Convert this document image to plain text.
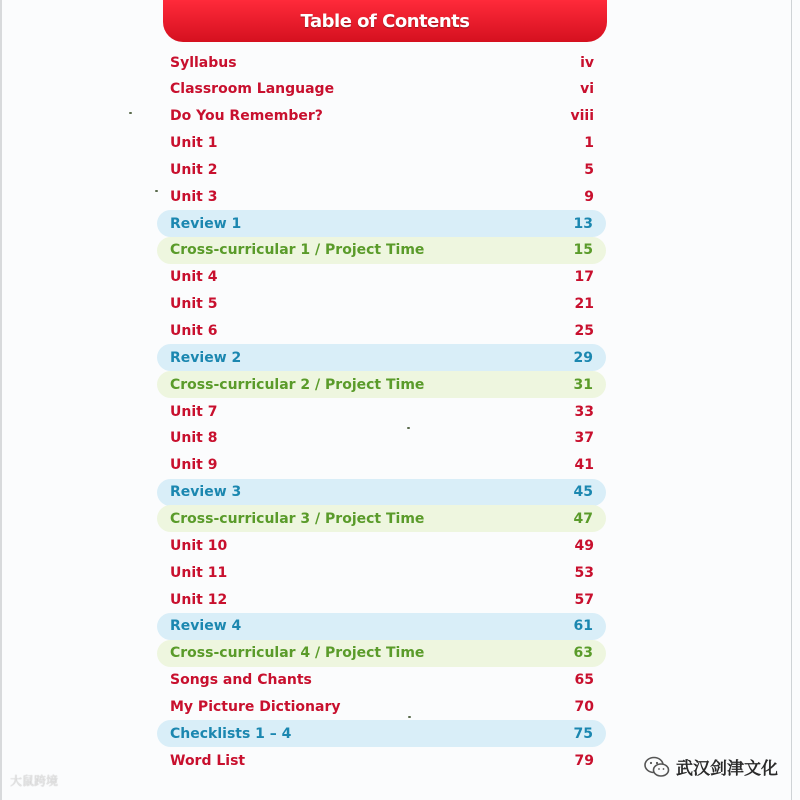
Table of Contents
Syllabus	iv
Classroom Language	vi
Do You Remember?	viii
Unit 1	1
Unit 2	5
Unit 3	9
Review 1	13
Cross-curricular 1 / Project Time	15
Unit 4	17
Unit 5	21
Unit 6	25
Review 2	29
Cross-curricular 2 / Project Time	31
Unit 7	33
Unit 8	37
Unit 9	41
Review 3	45
Cross-curricular 3 / Project Time	47
Unit 10	49
Unit 11	53
Unit 12	57
Review 4	61
Cross-curricular 4 / Project Time	63
Songs and Chants	65
My Picture Dictionary	70
Checklists 1 – 4	75
Word List	79
大鼠跨境
武汉剑津文化
